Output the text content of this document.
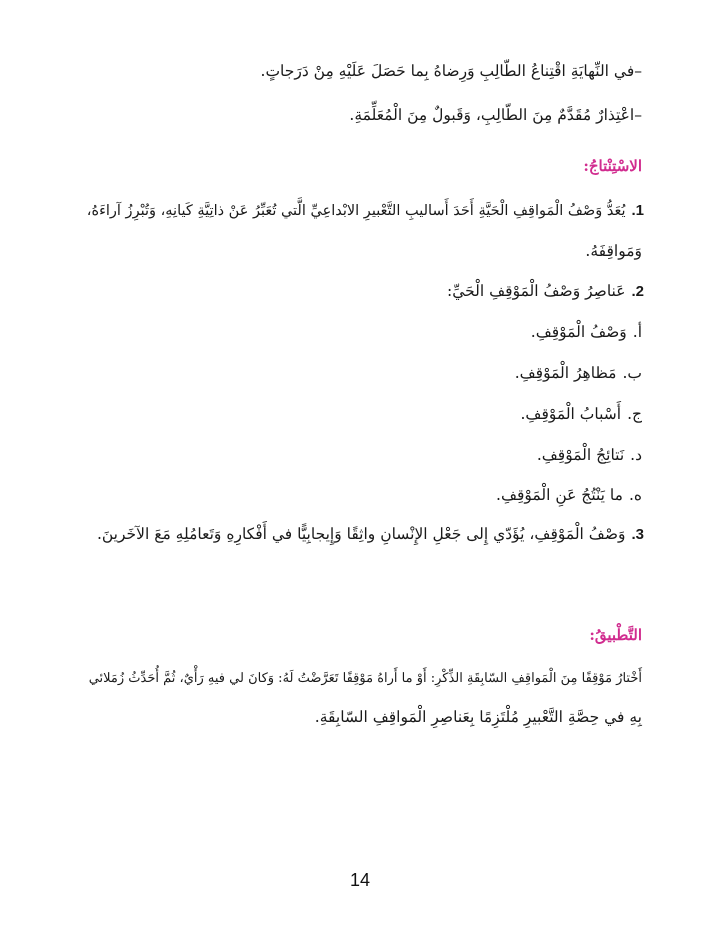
–في النِّهايَةِ اقْتِناعُ الطّالِبِ وَرِضاهُ بِما حَصَلَ عَلَيْهِ مِنْ دَرَجاتٍ.
–اعْتِذارٌ مُقَدَّمٌ مِنَ الطّالِبِ، وَقَبولٌ مِنَ الْمُعَلِّمَةِ.
الاسْتِنْتاجُ:
1.يُعَدُّ وَصْفُ الْمَواقِفِ الْحَيَّةِ أَحَدَ أَساليبِ التَّعْبيرِ الابْداعِيِّ الَّتي تُعَبِّرُ عَنْ ذاتِيَّةِ كَيانِهِ، وَتُبْرِزُ آراءَهُ،
وَمَواقِفَهُ.
2.عَناصِرُ وَصْفُ الْمَوْقِفِ الْحَيِّ:
أ.وَصْفُ الْمَوْقِفِ.
ب.مَظاهِرُ الْمَوْقِفِ.
ج.أَسْبابُ الْمَوْقِفِ.
د.نَتائِجُ الْمَوْقِفِ.
ه.ما يَنْتُجُ عَنِ الْمَوْقِفِ.
3.وَصْفُ الْمَوْقِفِ، يُؤَدّي إِلى جَعْلِ الإِنْسانِ واثِقًا وَإِيجابِيًّا في أَفْكارِهِ وَتَعامُلِهِ مَعَ الآخَرينَ.
التَّطْبيقُ:
أَخْتارُ مَوْقِفًا مِنَ الْمَواقِفِ السّابِقَةِ الذِّكْرِ: أَوْ ما أَراهُ مَوْقِفًا تَعَرَّضْتُ لَهُ: وَكانَ لي فيهِ رَأْيٌ، ثُمَّ أُحَدِّثُ زُمَلائي
بِهِ في حِصَّةِ التَّعْبيرِ مُلْتَزِمًا بِعَناصِرِ الْمَواقِفِ السّابِقَةِ.
14
